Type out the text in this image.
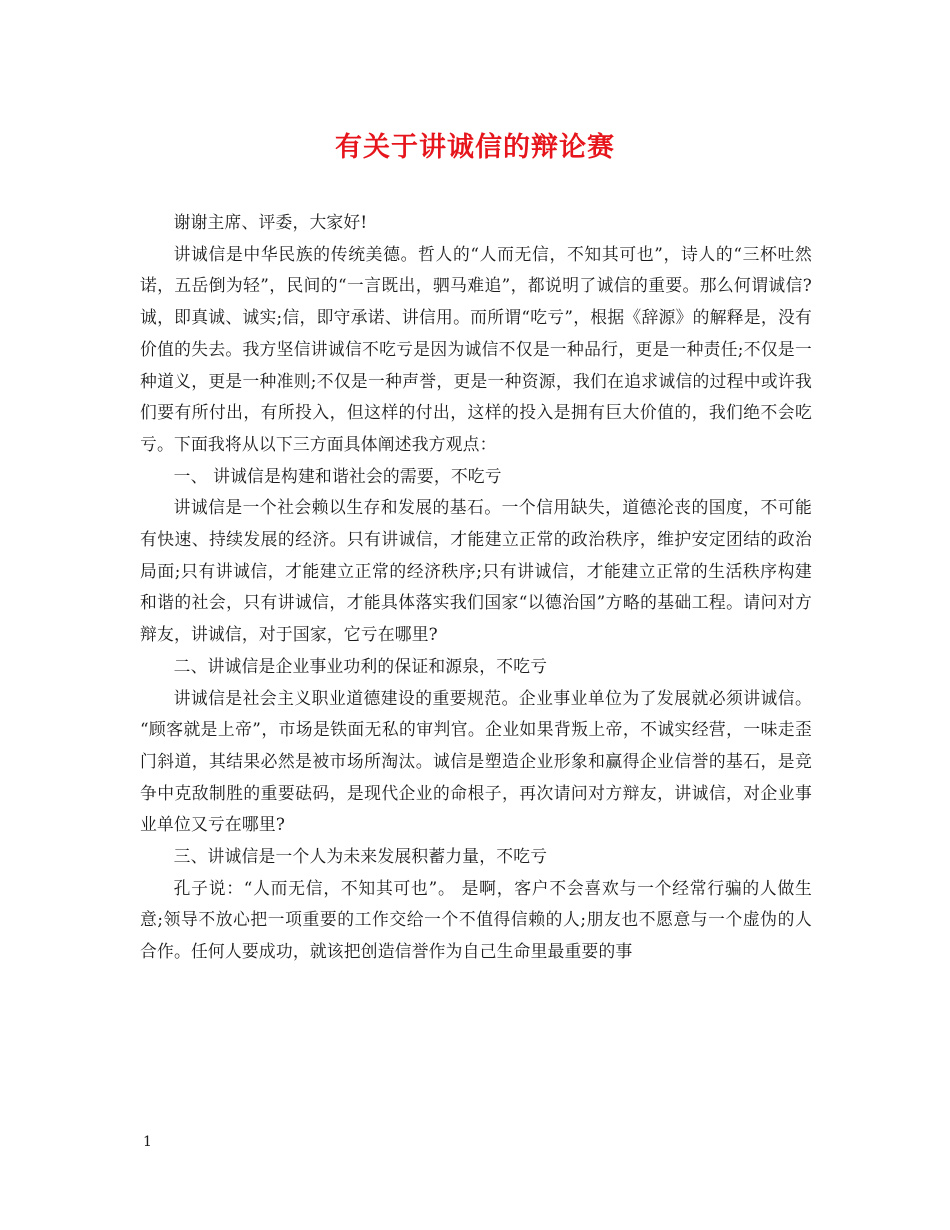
有关于讲诚信的辩论赛

谢谢主席、评委，大家好!

讲诚信是中华民族的传统美德。哲人的“人而无信，不知其可也”，诗人的“三杯吐然诺，五岳倒为轻”，民间的“一言既出，驷马难追”，都说明了诚信的重要。那么何谓诚信?诚，即真诚、诚实;信，即守承诺、讲信用。而所谓“吃亏”，根据《辞源》的解释是，没有价值的失去。我方坚信讲诚信不吃亏是因为诚信不仅是一种品行，更是一种责任;不仅是一种道义，更是一种准则;不仅是一种声誉，更是一种资源，我们在追求诚信的过程中或许我们要有所付出，有所投入，但这样的付出，这样的投入是拥有巨大价值的，我们绝不会吃亏。下面我将从以下三方面具体阐述我方观点：

一、 讲诚信是构建和谐社会的需要，不吃亏

讲诚信是一个社会赖以生存和发展的基石。一个信用缺失，道德沦丧的国度，不可能有快速、持续发展的经济。只有讲诚信，才能建立正常的政治秩序，维护安定团结的政治局面;只有讲诚信，才能建立正常的经济秩序;只有讲诚信，才能建立正常的生活秩序构建和谐的社会，只有讲诚信，才能具体落实我们国家“以德治国”方略的基础工程。请问对方辩友，讲诚信，对于国家，它亏在哪里?

二、讲诚信是企业事业功利的保证和源泉，不吃亏

讲诚信是社会主义职业道德建设的重要规范。企业事业单位为了发展就必须讲诚信。 “顾客就是上帝”，市场是铁面无私的审判官。企业如果背叛上帝，不诚实经营，一味走歪门斜道，其结果必然是被市场所淘汰。诚信是塑造企业形象和赢得企业信誉的基石，是竞争中克敌制胜的重要砝码，是现代企业的命根子，再次请问对方辩友，讲诚信，对企业事业单位又亏在哪里?

三、讲诚信是一个人为未来发展积蓄力量，不吃亏

孔子说：“人而无信，不知其可也”。 是啊，客户不会喜欢与一个经常行骗的人做生意;领导不放心把一项重要的工作交给一个不值得信赖的人;朋友也不愿意与一个虚伪的人合作。任何人要成功，就该把创造信誉作为自己生命里最重要的事

1
